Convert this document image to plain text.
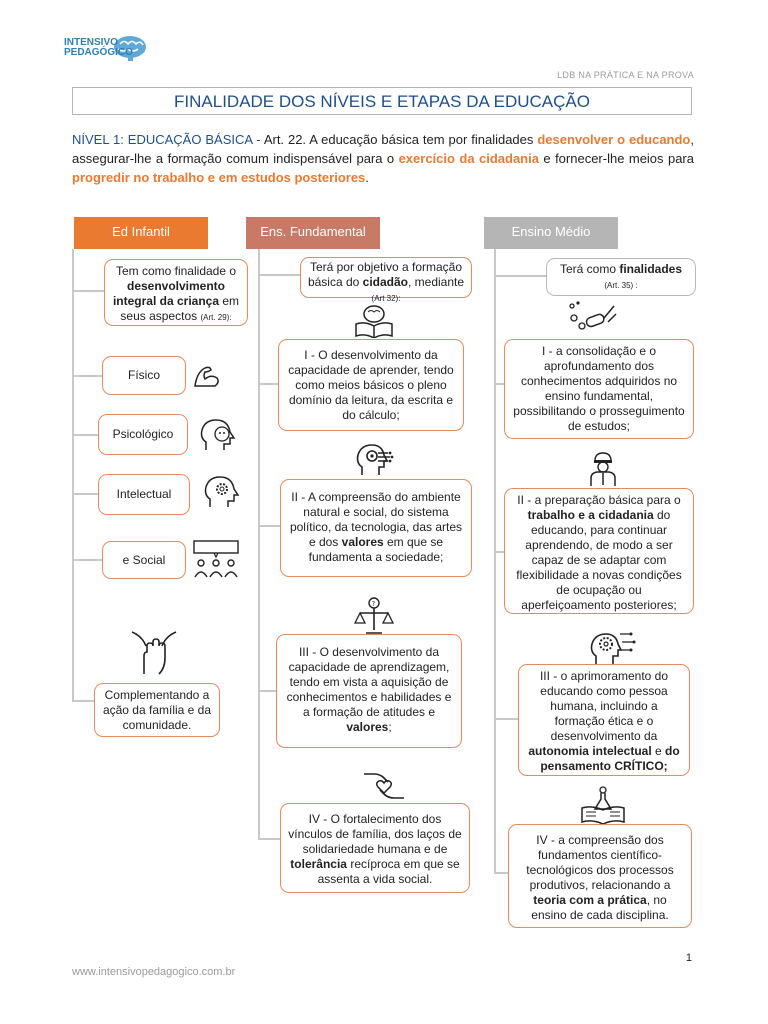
INTENSIVO
PEDAGÓGICO
LDB NA PRÁTICA E NA PROVA
FINALIDADE DOS NÍVEIS E ETAPAS DA EDUCAÇÃO
NÍVEL 1: EDUCAÇÃO BÁSICA - Art. 22. A educação básica tem por finalidades desenvolver o educando, assegurar-lhe a formação comum indispensável para o exercício da cidadania e fornecer-lhe meios para progredir no trabalho e em estudos posteriores.
Ed Infantil
Tem como finalidade o desenvolvimento integral da criança em seus aspectos (Art. 29):
Físico
Psicológico
Intelectual
e Social
Complementando a ação da família e da comunidade.
Ens. Fundamental
Terá por objetivo a formação básica do cidadão, mediante
(Art 32):
I - O desenvolvimento da capacidade de aprender, tendo como meios básicos o pleno domínio da leitura, da escrita e do cálculo;
II - A compreensão do ambiente natural e social, do sistema político, da tecnologia, das artes e dos valores em que se fundamenta a sociedade;
?
III - O desenvolvimento da capacidade de aprendizagem, tendo em vista a aquisição de conhecimentos e habilidades e a formação de atitudes e valores;
IV - O fortalecimento dos vínculos de família, dos laços de solidariedade humana e de tolerância recíproca em que se assenta a vida social.
Ensino Médio
Terá como finalidades
(Art. 35) :
I - a consolidação e o aprofundamento dos conhecimentos adquiridos no ensino fundamental, possibilitando o prosseguimento de estudos;
II - a preparação básica para o trabalho e a cidadania do educando, para continuar aprendendo, de modo a ser capaz de se adaptar com flexibilidade a novas condições de ocupação ou aperfeiçoamento posteriores;
III - o aprimoramento do educando como pessoa humana, incluindo a formação ética e o desenvolvimento da autonomia intelectual e do pensamento CRÍTICO;
IV - a compreensão dos fundamentos científico-tecnológicos dos processos produtivos, relacionando a teoria com a prática, no ensino de cada disciplina.
1
www.intensivopedagogico.com.br
